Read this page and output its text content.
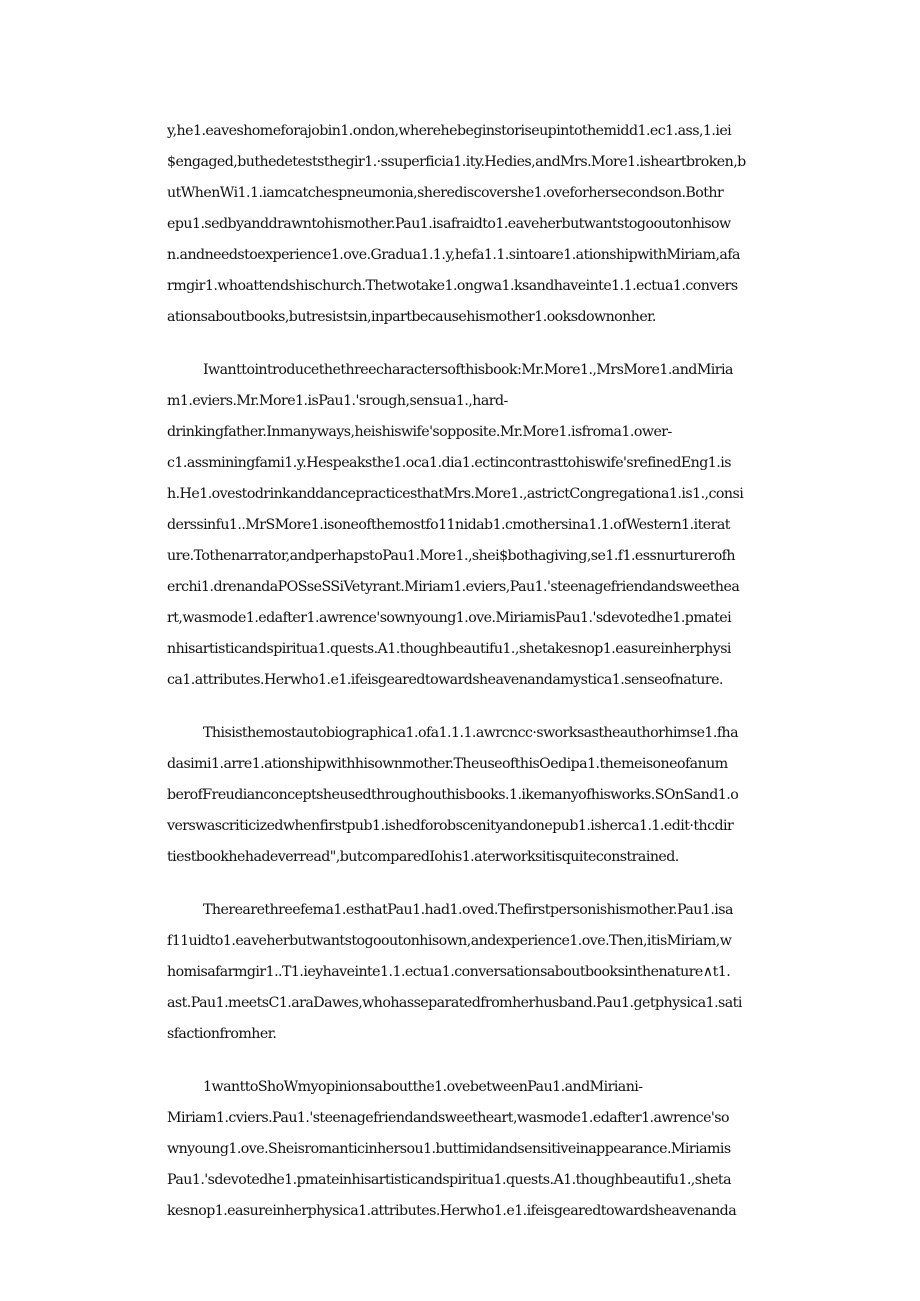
y,he1.eaveshomeforajobin1.ondon,wherehebeginstoriseupintothemidd1.ec1.ass,1.iei
$engaged,buthedeteststhegir1.·ssuperficia1.ity.Hedies,andMrs.More1.isheartbroken,b
utWhenWi1.1.iamcatchespneumonia,sherediscovershe1.oveforhersecondson.Bothr
epu1.sedbyanddrawntohismother.Pau1.isafraidto1.eaveherbutwantstogooutonhisow
n.andneedstoexperience1.ove.Gradua1.1.y,hefa1.1.sintoare1.ationshipwithMiriam,afa
rmgir1.whoattendshischurch.Thetwotake1.ongwa1.ksandhaveinte1.1.ectua1.convers
ationsaboutbooks,butresistsin,inpartbecausehismother1.ooksdownonher.
Iwanttointroducethethreecharactersofthisbook:Mr.More1.,MrsMore1.andMiria
m1.eviers.Mr.More1.isPau1.'srough,sensua1.,hard-
drinkingfather.Inmanyways,heishiswife'sopposite.Mr.More1.isfroma1.ower-
c1.assminingfami1.y.Hespeaksthe1.oca1.dia1.ectincontrasttohiswife'srefinedEng1.is
h.He1.ovestodrinkanddancepracticesthatMrs.More1.,astrictCongregationa1.is1.,consi
derssinfu1..MrSMore1.isoneofthemostfo11nidab1.cmothersina1.1.ofWestern1.iterat
ure.Tothenarrator,andperhapstoPau1.More1.,shei$bothagiving,se1.f1.essnurturerofh
erchi1.drenandaPOSseSSiVetyrant.Miriam1.eviers,Pau1.'steenagefriendandsweethea
rt,wasmode1.edafter1.awrence'sownyoung1.ove.MiriamisPau1.'sdevotedhe1.pmatei
nhisartisticandspiritua1.quests.A1.thoughbeautifu1.,shetakesnop1.easureinherphysi
ca1.attributes.Herwho1.e1.ifeisgearedtowardsheavenandamystica1.senseofnature.
Thisisthemostautobiographica1.ofa1.1.1.awrcncc·sworksastheauthorhimse1.fha
dasimi1.arre1.ationshipwithhisownmother.TheuseofthisOedipa1.themeisoneofanum
berofFreudianconceptsheusedthroughouthisbooks.1.ikemanyofhisworks.SOnSand1.o
verswascriticizedwhenfirstpub1.ishedforobscenityandonepub1.isherca1.1.edit·thcdir
tiestbookhehadeverread",butcomparedIohis1.aterworksitisquiteconstrained.
Therearethreefema1.esthatPau1.had1.oved.Thefirstpersonishismother.Pau1.isa
f11uidto1.eaveherbutwantstogooutonhisown,andexperience1.ove.Then,itisMiriam,w
homisafarmgir1..T1.ieyhaveinte1.1.ectua1.conversationsaboutbooksinthenature∧t1.
ast.Pau1.meetsC1.araDawes,whohasseparatedfromherhusband.Pau1.getphysica1.sati
sfactionfromher.
1wanttoShoWmyopinionsaboutthe1.ovebetweenPau1.andMiriani-
Miriam1.cviers.Pau1.'steenagefriendandsweetheart,wasmode1.edafter1.awrence'so
wnyoung1.ove.Sheisromanticinhersou1.buttimidandsensitiveinappearance.Miriamis
Pau1.'sdevotedhe1.pmateinhisartisticandspiritua1.quests.A1.thoughbeautifu1.,sheta
kesnop1.easureinherphysica1.attributes.Herwho1.e1.ifeisgearedtowardsheavenanda
